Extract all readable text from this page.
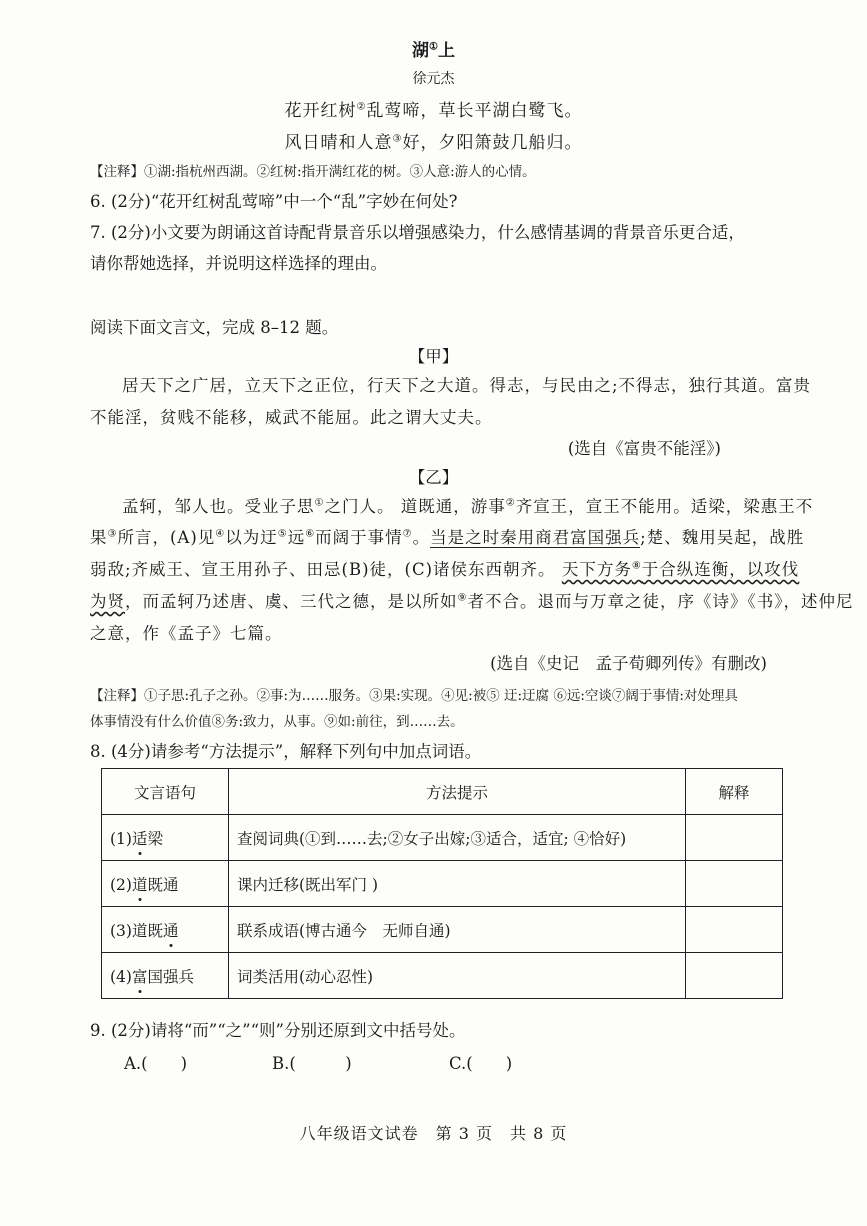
湖①上
徐元杰
花开红树②乱莺啼，草长平湖白鹭飞。
风日晴和人意③好，夕阳箫鼓几船归。
【注释】①湖:指杭州西湖。②红树:指开满红花的树。③人意:游人的心情。
6. (2分)“花开红树乱莺啼”中一个“乱”字妙在何处?
7. (2分)小文要为朗诵这首诗配背景音乐以增强感染力，什么感情基调的背景音乐更合适，
请你帮她选择，并说明这样选择的理由。
阅读下面文言文，完成 8–12 题。
【甲】
居天下之广居，立天下之正位，行天下之大道。得志，与民由之;不得志，独行其道。富贵
不能淫，贫贱不能移，威武不能屈。此之谓大丈夫。
(选自《富贵不能淫》)
【乙】
孟轲，邹人也。受业子思①之门人。 道既通，游事②齐宣王，宣王不能用。适梁，梁惠王不
果③所言，(A)见④以为迂⑤远⑥而阔于事情⑦。当是之时秦用商君富国强兵;楚、魏用吴起，战胜
弱敌;齐威王、宣王用孙子、田忌(B)徒，(C)诸侯东西朝齐。 天下方务⑧于合纵连衡，以攻伐
为贤，而孟轲乃述唐、虞、三代之德，是以所如⑨者不合。退而与万章之徒，序《诗》《书》，述仲尼
之意，作《孟子》七篇。
(选自《史记　孟子荀卿列传》有删改)
【注释】①子思:孔子之孙。②事:为……服务。③果:实现。④见:被⑤ 迂:迂腐 ⑥远:空谈⑦阔于事情:对处理具
体事情没有什么价值⑧务:致力，从事。⑨如:前往，到……去。
8. (4分)请参考“方法提示”，解释下列句中加点词语。
文言语句	方法提示	解释
(1)适梁	查阅词典(①到……去;②女子出嫁;③适合，适宜; ④恰好)	
(2)道既通	课内迁移(既出军门 )	
(3)道既通	联系成语(博古通今　无师自通)	
(4)富国强兵	词类活用(动心忍性)	
9. (2分)请将“而”“之”“则”分别还原到文中括号处。
A.(　　)	B.(　　　)	C.(　　)
八年级语文试卷　第 3 页　共 8 页
